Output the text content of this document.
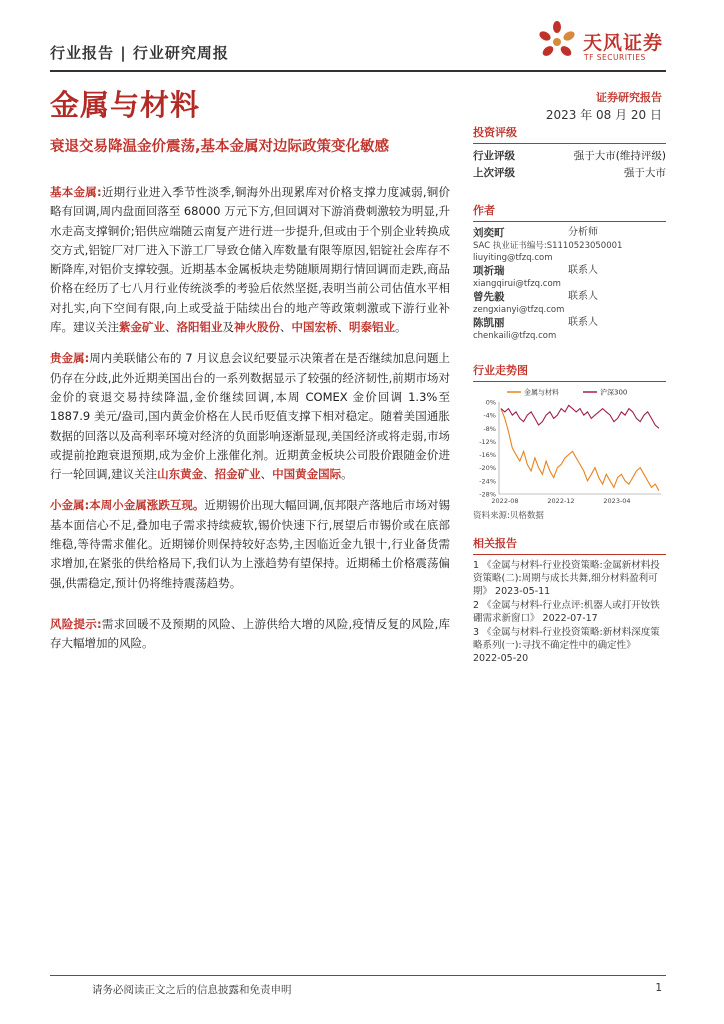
行业报告 | 行业研究周报	天风证券
TF SECURITIES
金属与材料	证券研究报告
2023 年 08 月 20 日
衰退交易降温金价震荡,基本金属对边际政策变化敏感

基本金属:近期行业进入季节性淡季,铜海外出现累库对价格支撑力度减弱,铜价略有回调,周内盘面回落至 68000 万元下方,但回调对下游消费刺激较为明显,升水走高支撑铜价;铝供应端随云南复产进行进一步提升,但或由于个别企业转换成交方式,铝锭厂对厂进入下游工厂导致仓储入库数量有限等原因,铝锭社会库存不断降库,对铝价支撑较强。近期基本金属板块走势随顺周期行情回调而走跌,商品价格在经历了七八月行业传统淡季的考验后依然坚挺,表明当前公司估值水平相对扎实,向下空间有限,向上或受益于陆续出台的地产等政策刺激或下游行业补库。建议关注紫金矿业、洛阳钼业及神火股份、中国宏桥、明泰铝业。

贵金属:周内美联储公布的 7 月议息会议纪要显示决策者在是否继续加息问题上仍存在分歧,此外近期美国出台的一系列数据显示了较强的经济韧性,前期市场对金价的衰退交易持续降温,金价继续回调,本周 COMEX 金价回调 1.3%至 1887.9 美元/盎司,国内黄金价格在人民币贬值支撑下相对稳定。随着美国通胀数据的回落以及高利率环境对经济的负面影响逐渐显现,美国经济或将走弱,市场或提前抢跑衰退预期,成为金价上涨催化剂。近期黄金板块公司股价跟随金价进行一轮回调,建议关注山东黄金、招金矿业、中国黄金国际。

小金属:本周小金属涨跌互现。近期锡价出现大幅回调,佤邦限产落地后市场对锡基本面信心不足,叠加电子需求持续疲软,锡价快速下行,展望后市锡价或在底部维稳,等待需求催化。近期锑价则保持较好态势,主因临近金九银十,行业备货需求增加,在紧张的供给格局下,我们认为上涨趋势有望保持。近期稀土价格震荡偏强,供需稳定,预计仍将维持震荡趋势。

风险提示:需求回暖不及预期的风险、上游供给大增的风险,疫情反复的风险,库存大幅增加的风险。

投资评级
行业评级	强于大市(维持评级)
上次评级	强于大市
作者
刘奕町	分析师
SAC 执业证书编号:S1110523050001
liuyiting@tfzq.com
项祈瑞	联系人
xiangqirui@tfzq.com
曾先毅	联系人
zengxianyi@tfzq.com
陈凯丽	联系人
chenkaili@tfzq.com
行业走势图
0%
-4%
-8%
-12%
-16%
-20%
-24%
-28%
2022-08	2022-12	2023-04
金属与材料	沪深300
资料来源:贝格数据
相关报告
1 《金属与材料-行业投资策略:金属新材料投资策略(二):周期与成长共舞,细分材料盈利可期》 2023-05-11
2 《金属与材料-行业点评:机器人或打开钕铁硼需求新窗口》 2022-07-17
3 《金属与材料-行业投资策略:新材料深度策略系列(一):寻找不确定性中的确定性》 2022-05-20
请务必阅读正文之后的信息披露和免责申明	1
